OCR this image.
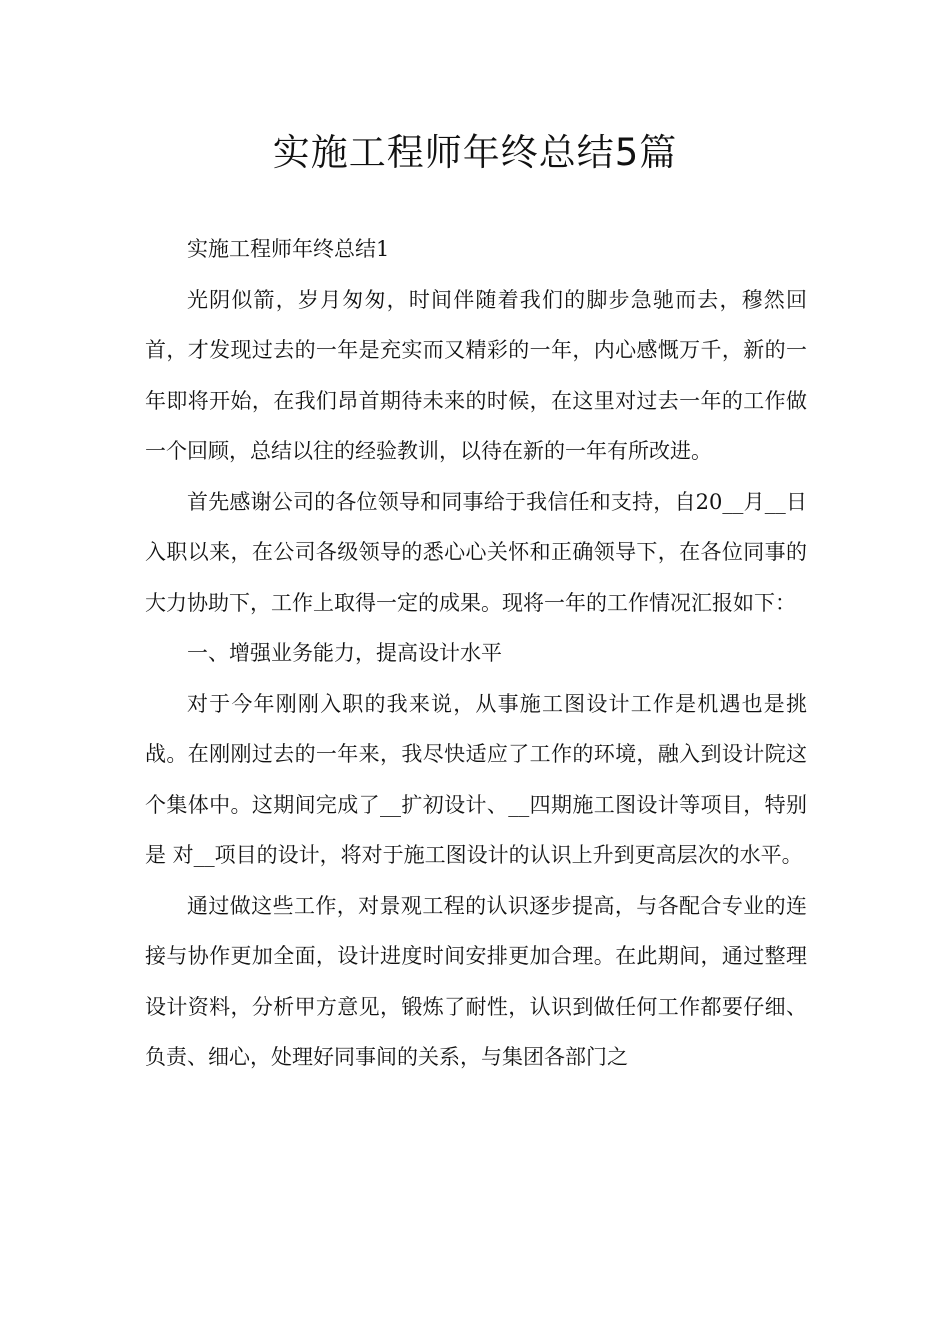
实施工程师年终总结5篇

实施工程师年终总结1

光阴似箭，岁月匆匆，时间伴随着我们的脚步急驰而去，穆然回首，才发现过去的一年是充实而又精彩的一年，内心感慨万千，新的一年即将开始，在我们昂首期待未来的时候，在这里对过去一年的工作做一个回顾，总结以往的经验教训，以待在新的一年有所改进。

首先感谢公司的各位领导和同事给于我信任和支持，自20__月__日入职以来，在公司各级领导的悉心心关怀和正确领导下，在各位同事的大力协助下，工作上取得一定的成果。现将一年的工作情况汇报如下：

一、增强业务能力，提高设计水平

对于今年刚刚入职的我来说，从事施工图设计工作是机遇也是挑战。在刚刚过去的一年来，我尽快适应了工作的环境，融入到设计院这个集体中。这期间完成了__扩初设计、__四期施工图设计等项目，特别是 对__项目的设计，将对于施工图设计的认识上升到更高层次的水平。

通过做这些工作，对景观工程的认识逐步提高，与各配合专业的连接与协作更加全面，设计进度时间安排更加合理。在此期间，通过整理设计资料，分析甲方意见，锻炼了耐性，认识到做任何工作都要仔细、负责、细心，处理好同事间的关系，与集团各部门之
